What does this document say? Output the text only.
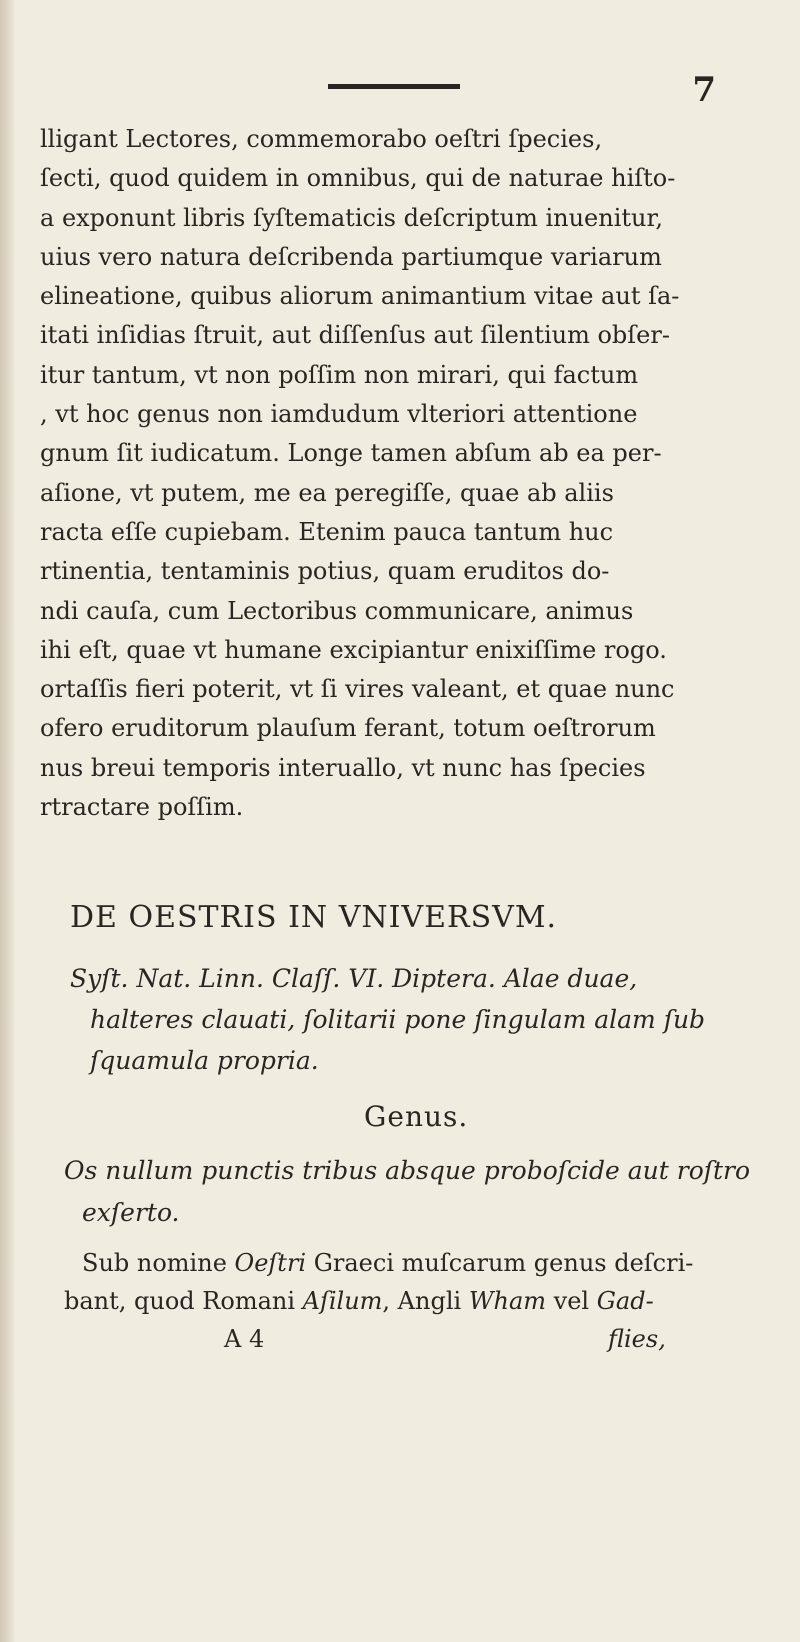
7
lligant Lectores, commemorabo oeſtri ſpecies,
ſecti, quod quidem in omnibus, qui de naturae hiſto-
a exponunt libris ſyſtematicis deſcriptum inuenitur,
uius vero natura deſcribenda partiumque variarum
elineatione, quibus aliorum animantium vitae aut ſa-
itati inſidias ſtruit, aut diſſenſus aut ſilentium obſer-
itur tantum, vt non poſſim non mirari, qui factum
, vt hoc genus non iamdudum vlteriori attentione
gnum ſit iudicatum. Longe tamen abſum ab ea per-
aſione, vt putem, me ea peregiſſe, quae ab aliis
racta eſſe cupiebam. Etenim pauca tantum huc
rtinentia, tentaminis potius, quam eruditos do-
ndi cauſa, cum Lectoribus communicare, animus
ihi eſt, quae vt humane excipiantur enixiſſime rogo.
ortaſſis fieri poterit, vt ſi vires valeant, et quae nunc
ofero eruditorum plauſum ferant, totum oeſtrorum
nus breui temporis interuallo, vt nunc has ſpecies
rtractare poſſim.
DE OESTRIS IN VNIVERSVM.
Syſt. Nat. Linn. Claſſ. VI. Diptera. Alae duae,
halteres clauati, ſolitarii pone ſingulam alam ſub
ſquamula propria.
Genus.
Os nullum punctis tribus absque proboſcide aut roſtro
exſerto.
Sub nomine Oeſtri Graeci muſcarum genus deſcri-
bant, quod Romani Aſilum, Angli Wham vel Gad-
A 4	flies,
